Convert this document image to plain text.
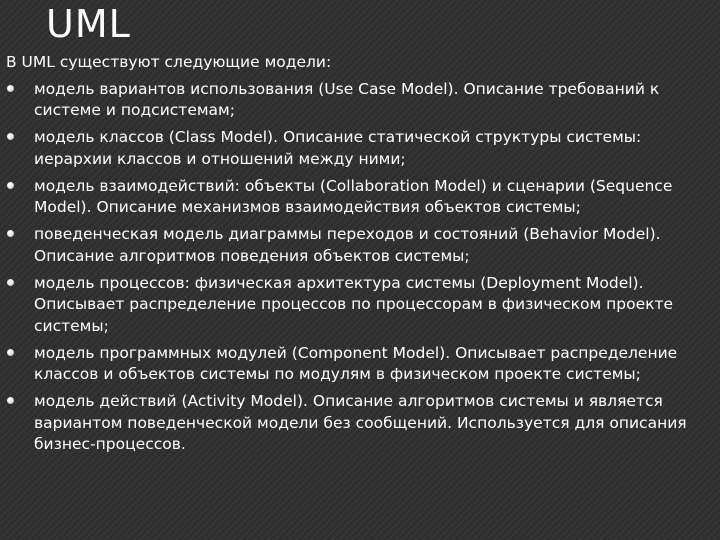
UML

В UML существуют следующие модели:

модель вариантов использования (Use Case Model). Описание требований к системе и подсистемам;
модель классов (Class Model). Описание статической структуры системы: иерархии классов и отношений между ними;
модель взаимодействий: объекты (Collaboration Model) и сценарии (Sequence Model). Описание механизмов взаимодействия объектов системы;
поведенческая модель диаграммы переходов и состояний (Behavior Model). Описание алгоритмов поведения объектов системы;
модель процессов: физическая архитектура системы (Deployment Model). Описывает распределение процессов по процессорам в физическом проекте системы;
модель программных модулей (Component Model). Описывает распределение классов и объектов системы по модулям в физическом проекте системы;
модель действий (Activity Model). Описание алгоритмов системы и является вариантом поведенческой модели без сообщений. Используется для описания бизнес-процессов.
